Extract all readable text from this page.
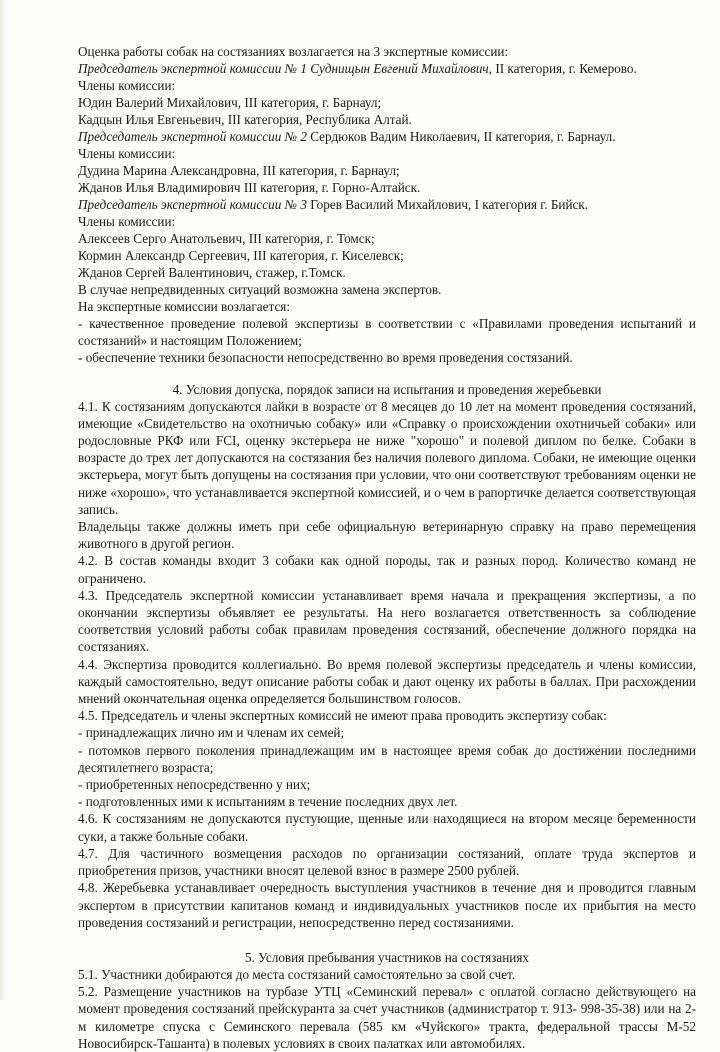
Оценка работы собак на состязаниях возлагается на 3 экспертные комиссии:

Председатель экспертной комиссии № 1 Суднищын Евгений Михайлович, II категория, г. Кемерово.

Члены комиссии:

Юдин Валерий Михайлович, III категория, г. Барнаул;

Кадцын Илья Евгеньевич, III категория, Республика Алтай.

Председатель экспертной комиссии № 2 Сердюков Вадим Николаевич, II категория, г. Барнаул.

Члены комиссии:

Дудина Марина Александровна, III категория, г. Барнаул;

Жданов Илья Владимирович III категория, г. Горно-Алтайск.

Председатель экспертной комиссии № 3 Горев Василий Михайлович, I категория г. Бийск.

Члены комиссии:

Алексеев Серго Анатольевич, III категория, г. Томск;

Кормин Александр Сергеевич, III категория, г. Киселевск;

Жданов Сергей Валентинович, стажер, г.Томск.

В случае непредвиденных ситуаций возможна замена экспертов.

На экспертные комиссии возлагается:

- качественное проведение полевой экспертизы в соответствии с «Правилами проведения испытаний и состязаний» и настоящим Положением;

- обеспечение техники безопасности непосредственно во время проведения состязаний.

4. Условия допуска, порядок записи на испытания и проведения жеребьевки

4.1. К состязаниям допускаются лайки в возрасте от 8 месяцев до 10 лет на момент проведения состязаний, имеющие «Свидетельство на охотничью собаку» или «Справку о происхождении охотничьей собаки» или родословные РКФ или FCI, оценку экстерьера не ниже "хорошо" и полевой диплом по белке. Собаки в возрасте до трех лет допускаются на состязания без наличия полевого диплома. Собаки, не имеющие оценки экстерьера, могут быть допущены на состязания при условии, что они соответствуют требованиям оценки не ниже «хорошо», что устанавливается экспертной комиссией, и о чем в рапортичке делается соответствующая запись.

Владельцы также должны иметь при себе официальную ветеринарную справку на право перемещения животного в другой регион.

4.2. В состав команды входит 3 собаки как одной породы, так и разных пород. Количество команд не ограничено.

4.3. Председатель экспертной комиссии устанавливает время начала и прекращения экспертизы, а по окончании экспертизы объявляет ее результаты. На него возлагается ответственность за соблюдение соответствия условий работы собак правилам проведения состязаний, обеспечение должного порядка на состязаниях.

4.4. Экспертиза проводится коллегиально. Во время полевой экспертизы председатель и члены комиссии, каждый самостоятельно, ведут описание работы собак и дают оценку их работы в баллах. При расхождении мнений окончательная оценка определяется большинством голосов.

4.5. Председатель и члены экспертных комиссий не имеют права проводить экспертизу собак:

- принадлежащих лично им и членам их семей;

- потомков первого поколения принадлежащим им в настоящее время собак до достижении последними десятилетнего возраста;

- приобретенных непосредственно у них;

- подготовленных ими к испытаниям в течение последних двух лет.

4.6. К состязаниям не допускаются пустующие, щенные или находящиеся на втором месяце беременности суки, а также больные собаки.

4.7. Для частичного возмещения расходов по организации состязаний, оплате труда экспертов и приобретения призов, участники вносят целевой взнос в размере 2500 рублей.

4.8. Жеребьевка устанавливает очередность выступления участников в течение дня и проводится главным экспертом в присутствии капитанов команд и индивидуальных участников после их прибытия на место проведения состязаний и регистрации, непосредственно перед состязаниями.

5. Условия пребывания участников на состязаниях

5.1. Участники добираются до места состязаний самостоятельно за свой счет.

5.2. Размещение участников на турбазе УТЦ «Семинский перевал» с оплатой согласно действующего на момент проведения состязаний прейскуранта за счет участников (администратор т. 913- 998-35-38) или на 2-м километре спуска с Семинского перевала (585 км «Чуйского» тракта, федеральной трассы М-52 Новосибирск-Ташанта) в полевых условиях в своих палатках или автомобилях.
